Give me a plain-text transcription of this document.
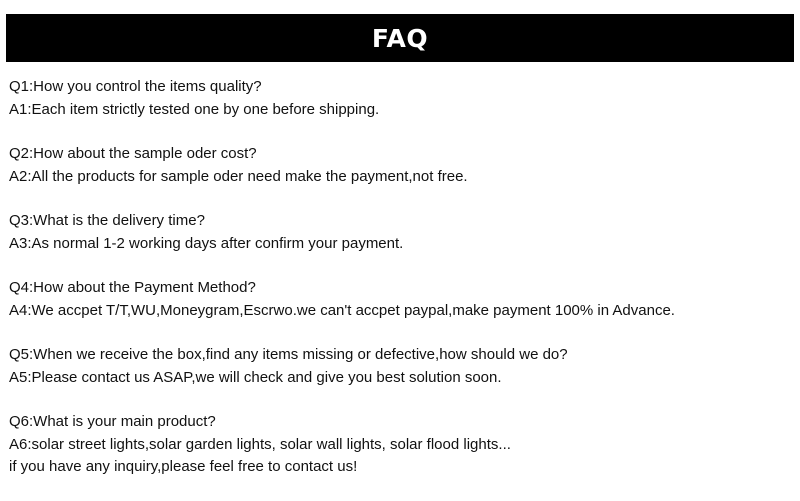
FAQ
Q1:How you control the items quality?
A1:Each item strictly tested one by one before shipping.
Q2:How about the sample oder cost?
A2:All the products for sample oder need make the payment,not free.
Q3:What is the delivery time?
A3:As normal 1-2 working days after confirm your payment.
Q4:How about the Payment Method?
A4:We accpet T/T,WU,Moneygram,Escrwo.we can't accpet paypal,make payment 100% in Advance.
Q5:When we receive the box,find any items missing or defective,how should we do?
A5:Please contact us ASAP,we will check and give you best solution soon.
Q6:What is your main product?
A6:solar street lights,solar garden lights, solar wall lights, solar flood lights...
if you have any inquiry,please feel free to contact us!
